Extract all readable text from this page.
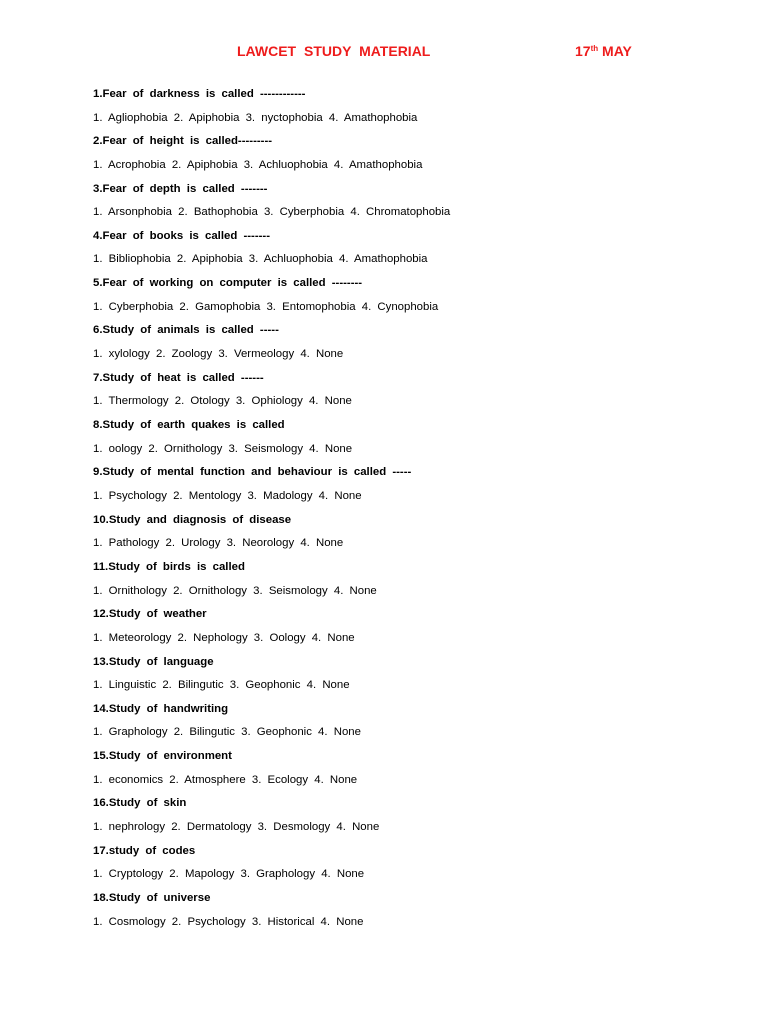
LAWCET STUDY MATERIAL	17th MAY
1.Fear of darkness is called ------------
1. Agliophobia 2. Apiphobia 3. nyctophobia 4. Amathophobia
2.Fear of height is called---------
1. Acrophobia 2. Apiphobia 3. Achluophobia 4. Amathophobia
3.Fear of depth is called -------
1. Arsonphobia 2. Bathophobia 3. Cyberphobia 4. Chromatophobia
4.Fear of books is called -------
1. Bibliophobia 2. Apiphobia 3. Achluophobia 4. Amathophobia
5.Fear of working on computer is called --------
1. Cyberphobia 2. Gamophobia 3. Entomophobia 4. Cynophobia
6.Study of animals is called -----
1. xylology 2. Zoology 3. Vermeology 4. None
7.Study of heat is called ------
1. Thermology 2. Otology 3. Ophiology 4. None
8.Study of earth quakes is called
1. oology 2. Ornithology 3. Seismology 4. None
9.Study of mental function and behaviour is called -----
1. Psychology 2. Mentology 3. Madology 4. None
10.Study and diagnosis of disease
1. Pathology 2. Urology 3. Neorology 4. None
11.Study of birds is called
1. Ornithology 2. Ornithology 3. Seismology 4. None
12.Study of weather
1. Meteorology 2. Nephology 3. Oology 4. None
13.Study of language
1. Linguistic 2. Bilingutic 3. Geophonic 4. None
14.Study of handwriting
1. Graphology 2. Bilingutic 3. Geophonic 4. None
15.Study of environment
1. economics 2. Atmosphere 3. Ecology 4. None
16.Study of skin
1. nephrology 2. Dermatology 3. Desmology 4. None
17.study of codes
1. Cryptology 2. Mapology 3. Graphology 4. None
18.Study of universe
1. Cosmology 2. Psychology 3. Historical 4. None
